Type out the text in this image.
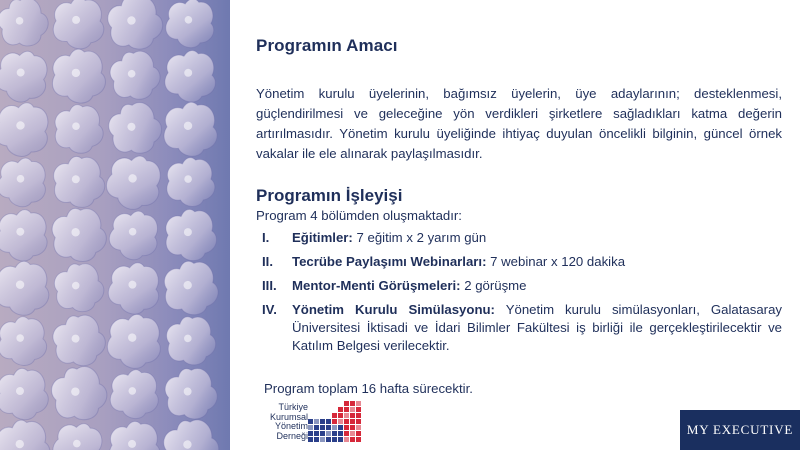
Programın Amacı

Yönetim kurulu üyelerinin, bağımsız üyelerin, üye adaylarının; desteklenmesi, güçlendirilmesi ve geleceğine yön verdikleri şirketlere sağladıkları katma değerin artırılmasıdır. Yönetim kurulu üyeliğinde ihtiyaç duyulan öncelikli bilginin, güncel örnek vakalar ile ele alınarak paylaşılmasıdır.

Programın İşleyişi

Program 4 bölümden oluşmaktadır:

I. Eğitimler: 7 eğitim x 2 yarım gün
II. Tecrübe Paylaşımı Webinarları: 7 webinar x 120 dakika
III. Mentor-Menti Görüşmeleri: 2 görüşme
IV. Yönetim Kurulu Simülasyonu: Yönetim kurulu simülasyonları, Galatasaray Üniversitesi İktisadi ve İdari Bilimler Fakültesi iş birliği ile gerçekleştirilecektir ve Katılım Belgesi verilecektir.

Program toplam 16 hafta sürecektir.

Türkiye
Kurumsal
Yönetim
Derneği	MY EXECUTIVE
